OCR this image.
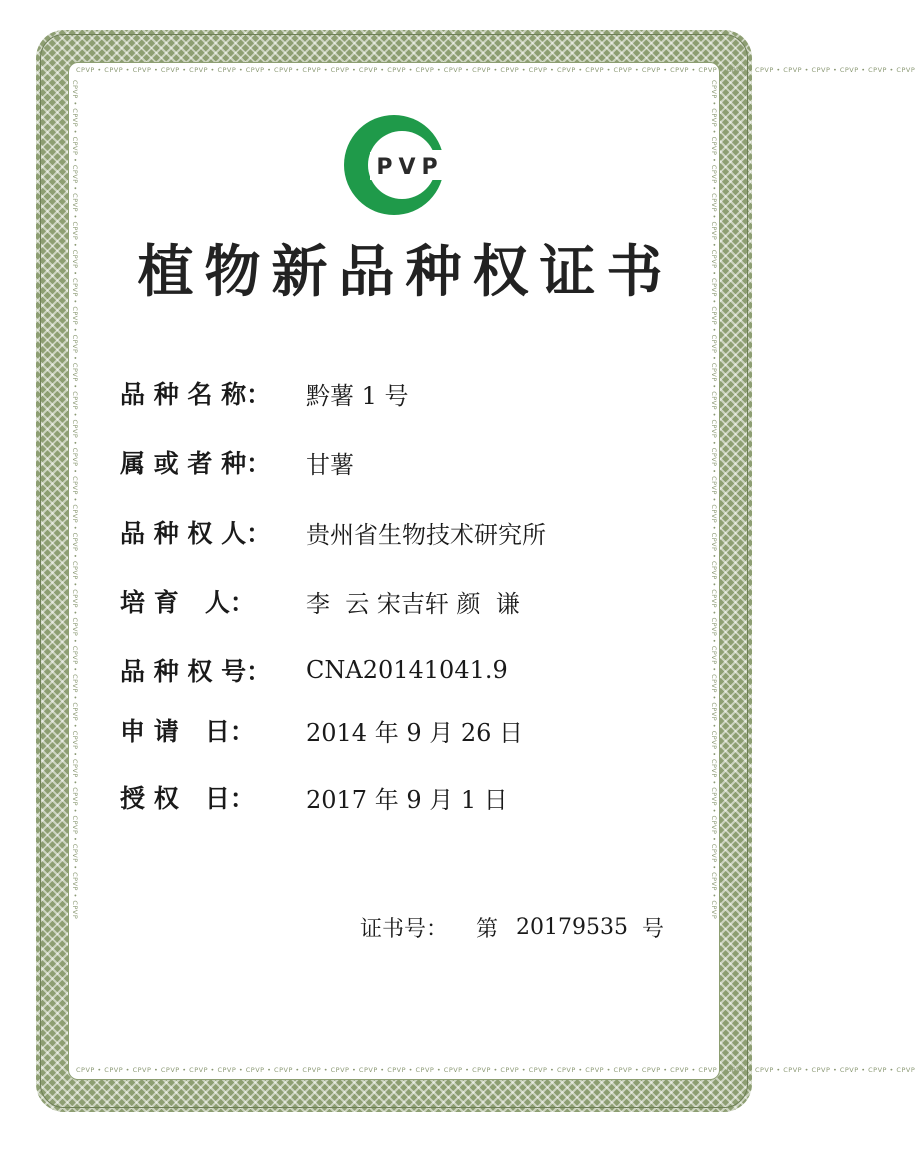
CPVP • CPVP • CPVP • CPVP • CPVP • CPVP • CPVP • CPVP • CPVP • CPVP • CPVP • CPVP • CPVP • CPVP • CPVP • CPVP • CPVP • CPVP • CPVP • CPVP • CPVP • CPVP • CPVP • CPVP • CPVP • CPVP • CPVP • CPVP • CPVP • CPVP
CPVP • CPVP • CPVP • CPVP • CPVP • CPVP • CPVP • CPVP • CPVP • CPVP • CPVP • CPVP • CPVP • CPVP • CPVP • CPVP • CPVP • CPVP • CPVP • CPVP • CPVP • CPVP • CPVP • CPVP • CPVP • CPVP • CPVP • CPVP • CPVP • CPVP
CPVP • CPVP • CPVP • CPVP • CPVP • CPVP • CPVP • CPVP • CPVP • CPVP • CPVP • CPVP • CPVP • CPVP • CPVP • CPVP • CPVP • CPVP • CPVP • CPVP • CPVP • CPVP • CPVP • CPVP • CPVP • CPVP • CPVP • CPVP • CPVP • CPVP	CPVP • CPVP • CPVP • CPVP • CPVP • CPVP • CPVP • CPVP • CPVP • CPVP • CPVP • CPVP • CPVP • CPVP • CPVP • CPVP • CPVP • CPVP • CPVP • CPVP • CPVP • CPVP • CPVP • CPVP • CPVP • CPVP • CPVP • CPVP • CPVP • CPVP
PVP
植物新品种权证书
品 种 名 称：	黔薯 1 号
属 或 者 种：	甘薯
品 种 权 人：	贵州省生物技术研究所
培 育   人：	李  云 宋吉轩 颜  谦
品 种 权 号：	CNA20141041.9
申 请   日：	2014 年 9 月 26 日
授 权   日：	2017 年 9 月 1 日
证书号：	第 20179535 号
